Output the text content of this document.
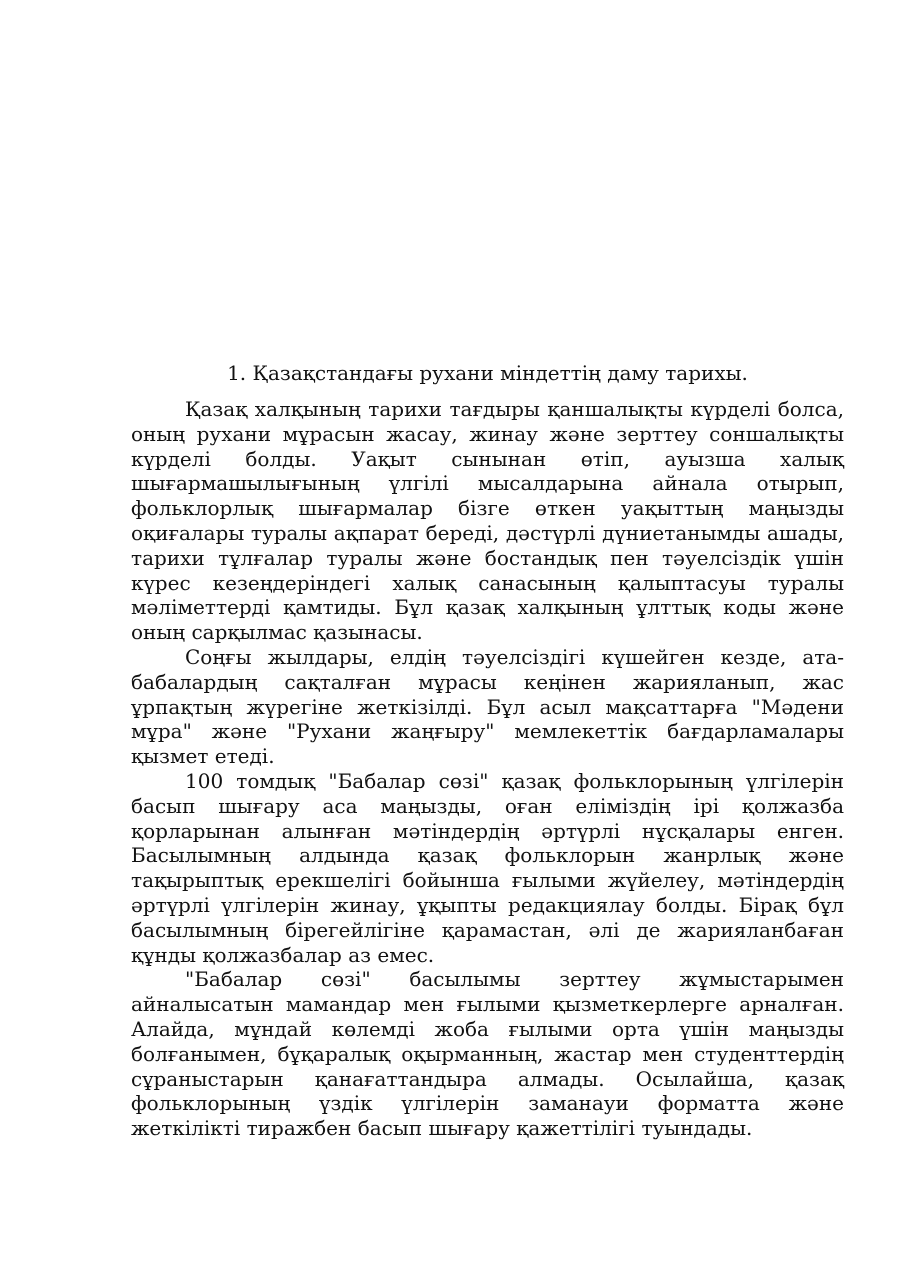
1. Қазақстандағы рухани міндеттің даму тарихы.

Қазақ халқының тарихи тағдыры қаншалықты күрделі болса, оның рухани мұрасын жасау, жинау және зерттеу соншалықты күрделі болды. Уақыт сынынан өтіп, ауызша халық шығармашылығының үлгілі мысалдарына айнала отырып, фольклорлық шығармалар бізге өткен уақыттың маңызды оқиғалары туралы ақпарат береді, дәстүрлі дүниетанымды ашады, тарихи тұлғалар туралы және бостандық пен тәуелсіздік үшін күрес кезеңдеріндегі халық санасының қалыптасуы туралы мәліметтерді қамтиды. Бұл қазақ халқының ұлттық коды және оның сарқылмас қазынасы.

Соңғы жылдары, елдің тәуелсіздігі күшейген кезде, ата-бабалардың сақталған мұрасы кеңінен жарияланып, жас ұрпақтың жүрегіне жеткізілді. Бұл асыл мақсаттарға "Мәдени мұра" және "Рухани жаңғыру" мемлекеттік бағдарламалары қызмет етеді.

100 томдық "Бабалар сөзі" қазақ фольклорының үлгілерін басып шығару аса маңызды, оған еліміздің ірі қолжазба қорларынан алынған мәтіндердің әртүрлі нұсқалары енген. Басылымның алдында қазақ фольклорын жанрлық және тақырыптық ерекшелігі бойынша ғылыми жүйелеу, мәтіндердің әртүрлі үлгілерін жинау, ұқыпты редакциялау болды. Бірақ бұл басылымның бірегейлігіне қарамастан, әлі де жарияланбаған құнды қолжазбалар аз емес.

"Бабалар сөзі" басылымы зерттеу жұмыстарымен айналысатын мамандар мен ғылыми қызметкерлерге арналған. Алайда, мұндай көлемді жоба ғылыми орта үшін маңызды болғанымен, бұқаралық оқырманның, жастар мен студенттердің сұраныстарын қанағаттандыра алмады. Осылайша, қазақ фольклорының үздік үлгілерін заманауи форматта және жеткілікті тиражбен басып шығару қажеттілігі туындады.
